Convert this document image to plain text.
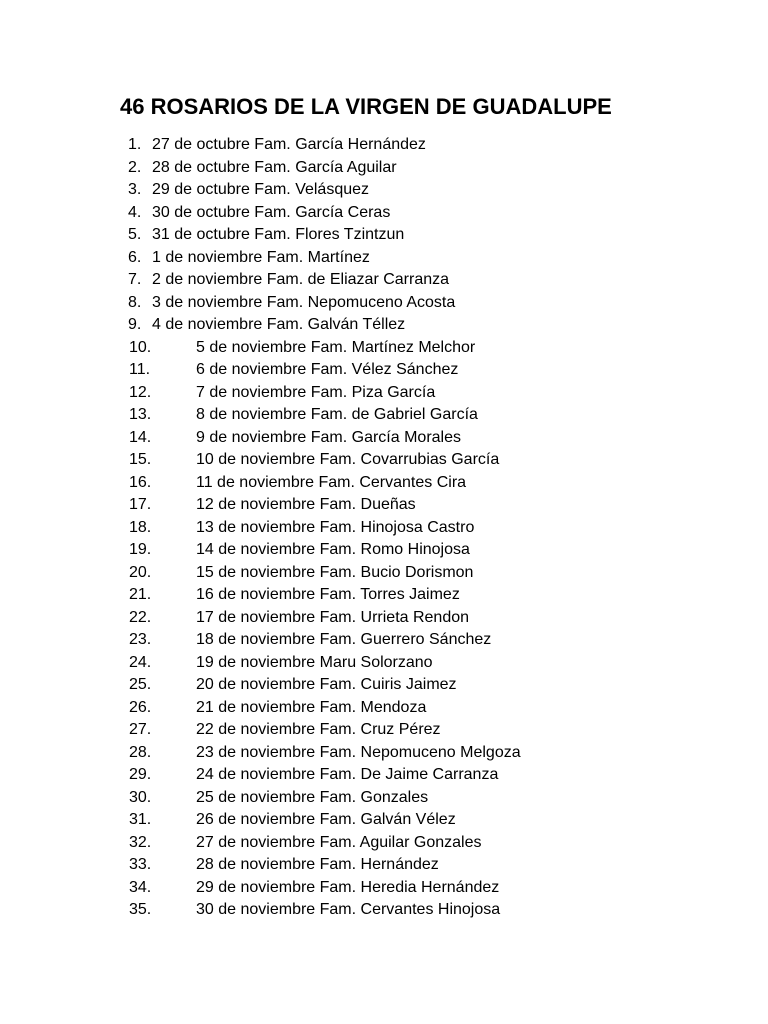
46 ROSARIOS DE LA VIRGEN DE GUADALUPE
1. 27 de octubre Fam. García Hernández
2. 28 de octubre Fam. García Aguilar
3. 29 de octubre Fam. Velásquez
4. 30 de octubre Fam. García Ceras
5. 31 de octubre Fam. Flores Tzintzun
6. 1 de noviembre Fam. Martínez
7. 2 de noviembre Fam. de Eliazar Carranza
8. 3 de noviembre Fam. Nepomuceno Acosta
9. 4 de noviembre Fam. Galván Téllez
10.	5 de noviembre Fam. Martínez Melchor
11.	6 de noviembre Fam. Vélez Sánchez
12.	7 de noviembre Fam. Piza García
13.	8 de noviembre Fam. de Gabriel García
14.	9 de noviembre Fam. García Morales
15.	10 de noviembre Fam. Covarrubias García
16.	11 de noviembre Fam. Cervantes Cira
17.	12 de noviembre Fam. Dueñas
18.	13 de noviembre Fam. Hinojosa Castro
19.	14 de noviembre Fam. Romo Hinojosa
20.	15 de noviembre Fam. Bucio Dorismon
21.	16 de noviembre Fam. Torres Jaimez
22.	17 de noviembre Fam. Urrieta Rendon
23.	18 de noviembre Fam. Guerrero Sánchez
24.	19 de noviembre Maru Solorzano
25.	20 de noviembre Fam. Cuiris Jaimez
26.	21 de noviembre Fam. Mendoza
27.	22 de noviembre Fam. Cruz Pérez
28.	23 de noviembre Fam. Nepomuceno Melgoza
29.	24 de noviembre Fam. De Jaime Carranza
30.	25 de noviembre Fam. Gonzales
31.	26 de noviembre Fam. Galván Vélez
32.	27 de noviembre Fam. Aguilar Gonzales
33.	28 de noviembre Fam. Hernández
34.	29 de noviembre Fam. Heredia Hernández
35.	30 de noviembre Fam. Cervantes Hinojosa
